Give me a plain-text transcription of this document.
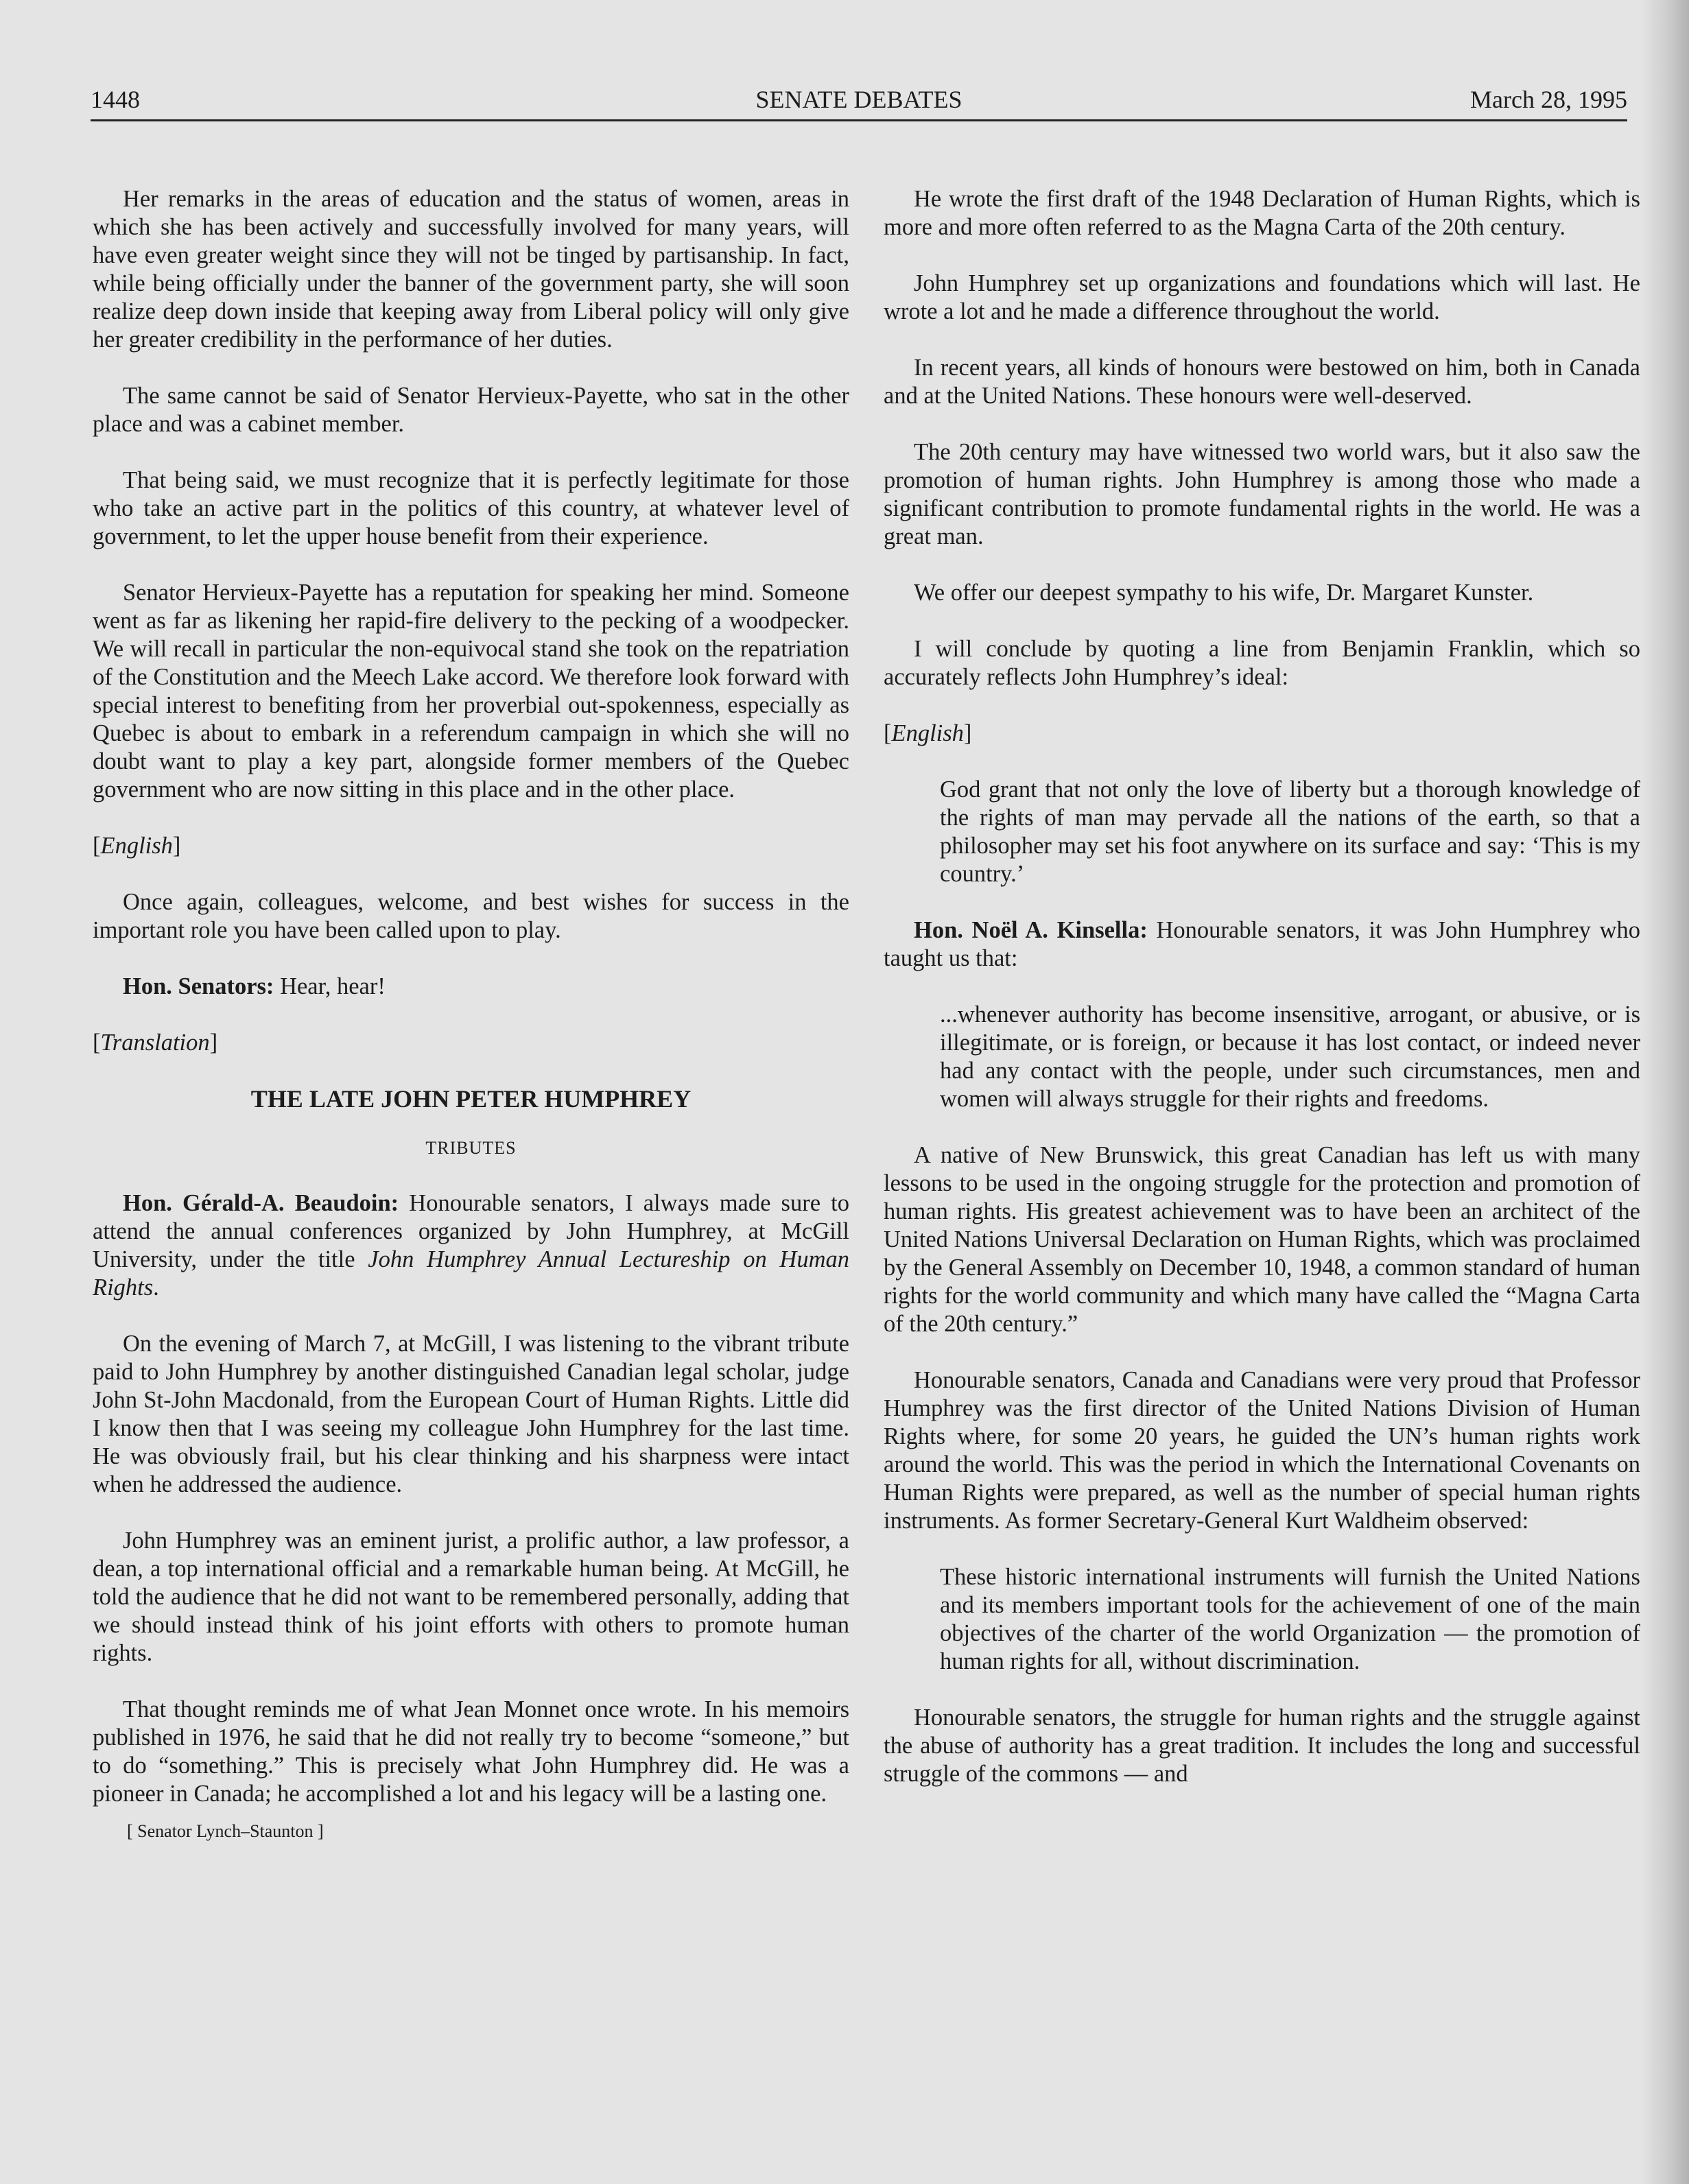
1448	SENATE DEBATES	March 28, 1995

Her remarks in the areas of education and the status of women, areas in which she has been actively and successfully involved for many years, will have even greater weight since they will not be tinged by partisanship. In fact, while being officially under the banner of the government party, she will soon realize deep down inside that keeping away from Liberal policy will only give her greater credibility in the performance of her duties.

The same cannot be said of Senator Hervieux-Payette, who sat in the other place and was a cabinet member.

That being said, we must recognize that it is perfectly legitimate for those who take an active part in the politics of this country, at whatever level of government, to let the upper house benefit from their experience.

Senator Hervieux-Payette has a reputation for speaking her mind. Someone went as far as likening her rapid-fire delivery to the pecking of a woodpecker. We will recall in particular the non-equivocal stand she took on the repatriation of the Constitution and the Meech Lake accord. We therefore look forward with special interest to benefiting from her proverbial out-spokenness, especially as Quebec is about to embark in a referendum campaign in which she will no doubt want to play a key part, alongside former members of the Quebec government who are now sitting in this place and in the other place.

[English]

Once again, colleagues, welcome, and best wishes for success in the important role you have been called upon to play.

Hon. Senators: Hear, hear!

[Translation]

THE LATE JOHN PETER HUMPHREY

TRIBUTES

Hon. Gérald-A. Beaudoin: Honourable senators, I always made sure to attend the annual conferences organized by John Humphrey, at McGill University, under the title John Humphrey Annual Lectureship on Human Rights.

On the evening of March 7, at McGill, I was listening to the vibrant tribute paid to John Humphrey by another distinguished Canadian legal scholar, judge John St-John Macdonald, from the European Court of Human Rights. Little did I know then that I was seeing my colleague John Humphrey for the last time. He was obviously frail, but his clear thinking and his sharpness were intact when he addressed the audience.

John Humphrey was an eminent jurist, a prolific author, a law professor, a dean, a top international official and a remarkable human being. At McGill, he told the audience that he did not want to be remembered personally, adding that we should instead think of his joint efforts with others to promote human rights.

That thought reminds me of what Jean Monnet once wrote. In his memoirs published in 1976, he said that he did not really try to become “someone,” but to do “something.” This is precisely what John Humphrey did. He was a pioneer in Canada; he accomplished a lot and his legacy will be a lasting one.

[ Senator Lynch–Staunton ]

He wrote the first draft of the 1948 Declaration of Human Rights, which is more and more often referred to as the Magna Carta of the 20th century.

John Humphrey set up organizations and foundations which will last. He wrote a lot and he made a difference throughout the world.

In recent years, all kinds of honours were bestowed on him, both in Canada and at the United Nations. These honours were well-deserved.

The 20th century may have witnessed two world wars, but it also saw the promotion of human rights. John Humphrey is among those who made a significant contribution to promote fundamental rights in the world. He was a great man.

We offer our deepest sympathy to his wife, Dr. Margaret Kunster.

I will conclude by quoting a line from Benjamin Franklin, which so accurately reflects John Humphrey’s ideal:

[English]

God grant that not only the love of liberty but a thorough knowledge of the rights of man may pervade all the nations of the earth, so that a philosopher may set his foot anywhere on its surface and say: ‘This is my country.’

Hon. Noël A. Kinsella: Honourable senators, it was John Humphrey who taught us that:

...whenever authority has become insensitive, arrogant, or abusive, or is illegitimate, or is foreign, or because it has lost contact, or indeed never had any contact with the people, under such circumstances, men and women will always struggle for their rights and freedoms.

A native of New Brunswick, this great Canadian has left us with many lessons to be used in the ongoing struggle for the protection and promotion of human rights. His greatest achievement was to have been an architect of the United Nations Universal Declaration on Human Rights, which was proclaimed by the General Assembly on December 10, 1948, a common standard of human rights for the world community and which many have called the “Magna Carta of the 20th century.”

Honourable senators, Canada and Canadians were very proud that Professor Humphrey was the first director of the United Nations Division of Human Rights where, for some 20 years, he guided the UN’s human rights work around the world. This was the period in which the International Covenants on Human Rights were prepared, as well as the number of special human rights instruments. As former Secretary-General Kurt Waldheim observed:

These historic international instruments will furnish the United Nations and its members important tools for the achievement of one of the main objectives of the charter of the world Organization — the promotion of human rights for all, without discrimination.

Honourable senators, the struggle for human rights and the struggle against the abuse of authority has a great tradition. It includes the long and successful struggle of the commons — and
